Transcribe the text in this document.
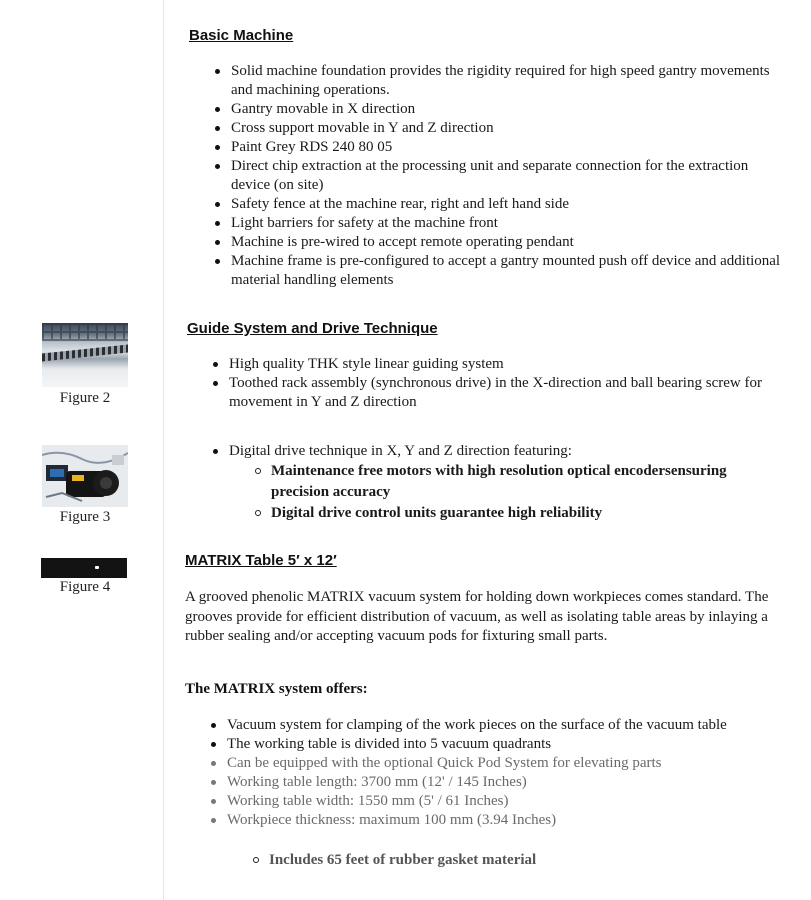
Figure 2
Figure 3
Figure 4
Basic Machine
Solid machine foundation provides the rigidity required for high speed gantry movements and machining operations.
Gantry movable in X direction
Cross support movable in Y and Z direction
Paint Grey RDS 240 80 05
Direct chip extraction at the processing unit and separate connection for the extraction device (on site)
Safety fence at the machine rear, right and left hand side
Light barriers for safety at the machine front
Machine is pre-wired to accept remote operating pendant
Machine frame is pre-configured to accept a gantry mounted push off device and additional material handling elements
Guide System and Drive Technique
High quality THK style linear guiding system
Toothed rack assembly (synchronous drive) in the X-direction and ball bearing screw for movement in Y and Z direction
Digital drive technique in X, Y and Z direction featuring:
Maintenance free motors with high resolution optical encodersensuring precision accuracy
Digital drive control units guarantee high reliability
MATRIX Table 5′ x 12′

A grooved phenolic MATRIX vacuum system for holding down workpieces comes standard. The grooves provide for efficient distribution of vacuum, as well as isolating table areas by inlaying a rubber sealing and/or accepting vacuum pods for fixturing small parts.

The MATRIX system offers:

Vacuum system for clamping of the work pieces on the surface of the vacuum table
The working table is divided into 5 vacuum quadrants
Can be equipped with the optional Quick Pod System for elevating parts
Working table length: 3700 mm (12' / 145 Inches)
Working table width: 1550 mm (5' / 61 Inches)
Workpiece thickness: maximum 100 mm (3.94 Inches)
Includes 65 feet of rubber gasket material
